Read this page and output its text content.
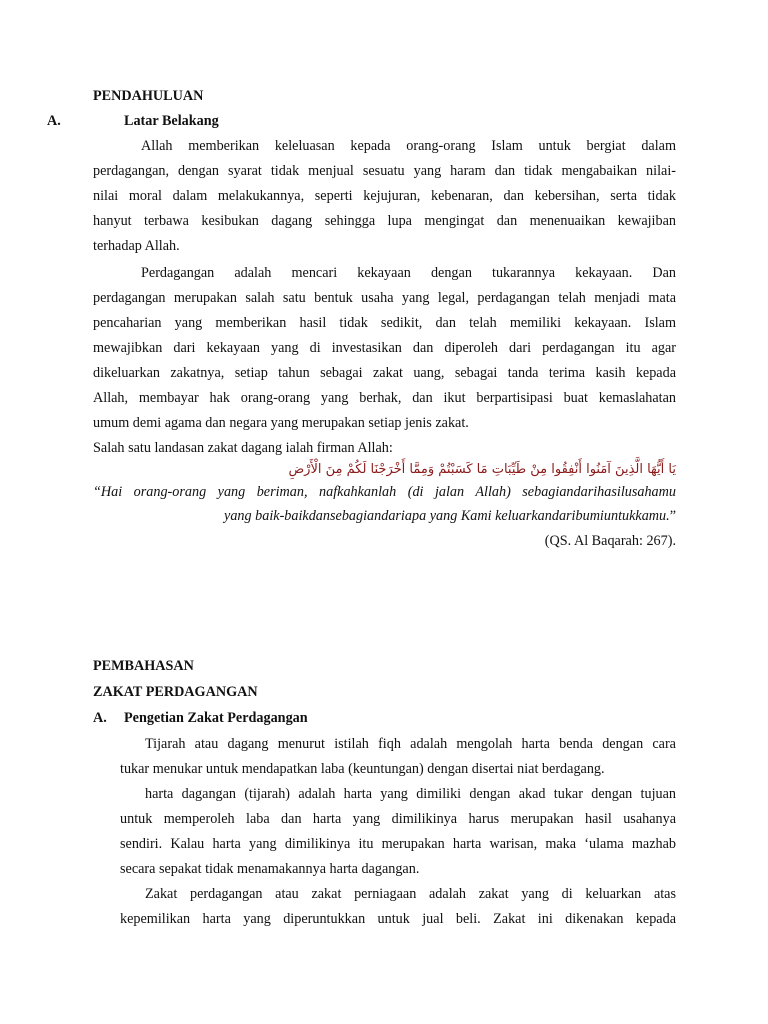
PENDAHULUAN
A.	Latar Belakang
Allah memberikan keleluasan kepada orang-orang Islam untuk bergiat dalam
perdagangan, dengan syarat tidak menjual sesuatu yang haram dan tidak mengabaikan nilai-
nilai moral dalam melakukannya, seperti kejujuran, kebenaran, dan kebersihan, serta tidak
hanyut terbawa kesibukan dagang sehingga lupa mengingat dan menenuaikan kewajiban
terhadap Allah.
Perdagangan adalah mencari kekayaan dengan tukarannya kekayaan. Dan
perdagangan merupakan salah satu bentuk usaha yang legal, perdagangan telah menjadi mata
pencaharian yang memberikan hasil tidak sedikit, dan telah memiliki kekayaan. Islam
mewajibkan dari kekayaan yang di investasikan dan diperoleh dari perdagangan itu agar
dikeluarkan zakatnya, setiap tahun sebagai zakat uang, sebagai tanda terima kasih kepada
Allah, membayar hak orang-orang yang berhak, dan ikut berpartisipasi buat kemaslahatan
umum demi agama dan negara yang merupakan setiap jenis zakat.
Salah satu landasan zakat dagang ialah firman Allah:
يَا أَيُّهَا الَّذِينَ آمَنُوا أَنْفِقُوا مِنْ طَيِّبَاتِ مَا كَسَبْتُمْ وَمِمَّا أَخْرَجْنَا لَكُمْ مِنَ الْأَرْضِ
“Hai orang-orang yang beriman, nafkahkanlah (di jalan Allah) sebagiandarihasilusahamu
yang baik-baikdansebagiandariapa yang Kami keluarkandaribumiuntukkamu.”
(QS. Al Baqarah: 267).
PEMBAHASAN
ZAKAT PERDAGANGAN
A. Pengetian Zakat Perdagangan
Tijarah atau dagang menurut istilah fiqh adalah mengolah harta benda dengan cara
tukar menukar untuk mendapatkan laba (keuntungan) dengan disertai niat berdagang.
harta dagangan (tijarah) adalah harta yang dimiliki dengan akad tukar dengan tujuan
untuk memperoleh laba dan harta yang dimilikinya harus merupakan hasil usahanya
sendiri. Kalau harta yang dimilikinya itu merupakan harta warisan, maka ‘ulama mazhab
secara sepakat tidak menamakannya harta dagangan.
Zakat perdagangan atau zakat perniagaan adalah zakat yang di keluarkan atas
kepemilikan harta yang diperuntukkan untuk jual beli. Zakat ini dikenakan kepada
